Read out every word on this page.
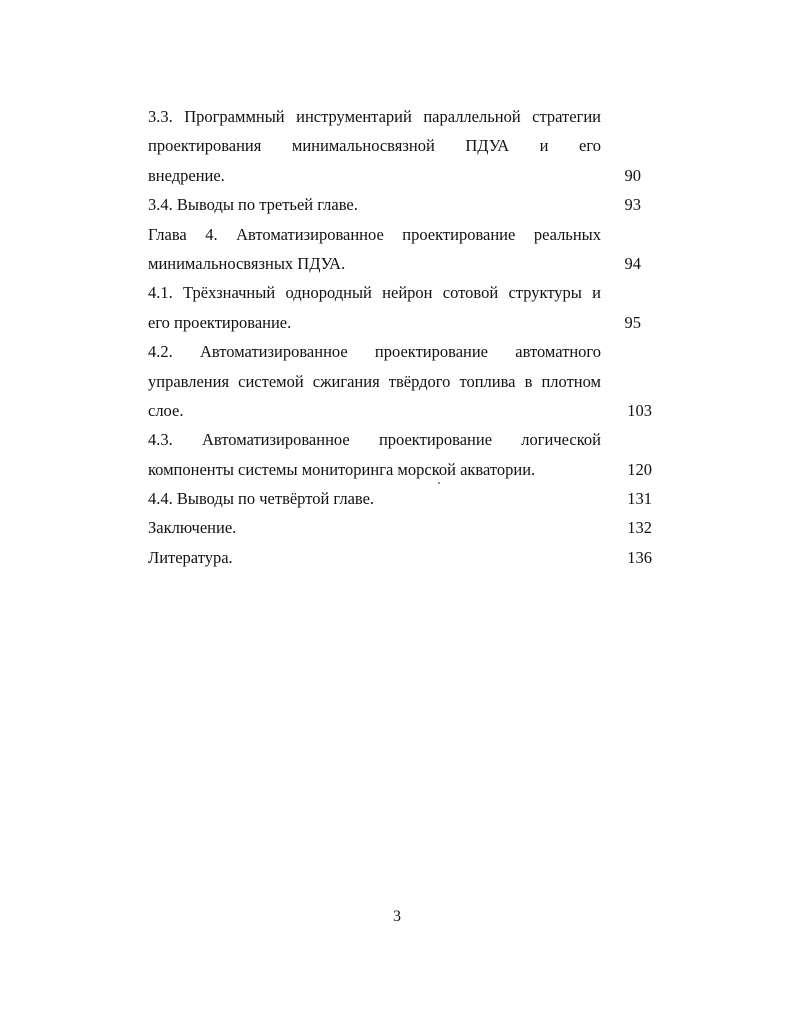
3.3. Программный инструментарий параллельной стратегии
проектирования минимальносвязной ПДУА и его
внедрение.	90
3.4. Выводы по третьей главе.	93
Глава 4. Автоматизированное проектирование реальных
минимальносвязных ПДУА.	94
4.1. Трёхзначный однородный нейрон сотовой структуры и
его проектирование.	95
4.2. Автоматизированное проектирование автоматного
управления системой сжигания твёрдого топлива в плотном
слое.	103
4.3. Автоматизированное проектирование логической
компоненты системы мониторинга морской акватории.	120
4.4. Выводы по четвёртой главе.	131
Заключение.	132
Литература.	136
3
